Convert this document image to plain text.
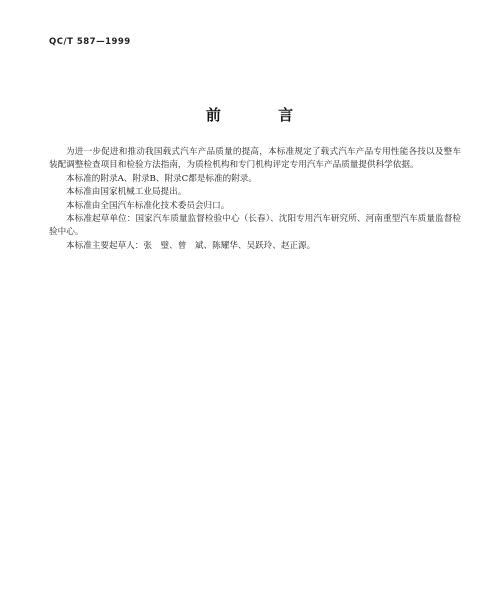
QC/T 587—1999
前 言

为进一步促进和推动我国载式汽车产品质量的提高，本标准规定了载式汽车产品专用性能各技以及整车装配调整检查项目和检验方法指南，为质检机构和专门机构评定专用汽车产品质量提供科学依据。

本标准的附录A、附录B、附录C都是标准的附录。

本标准由国家机械工业局提出。

本标准由全国汽车标准化技术委员会归口。

本标准起草单位：国家汽车质量监督检验中心（长春）、沈阳专用汽车研究所、河南重型汽车质量监督检验中心。

本标准主要起草人：张　璧、曾　斌、陈耀华、吴跃玲、赵正源。
